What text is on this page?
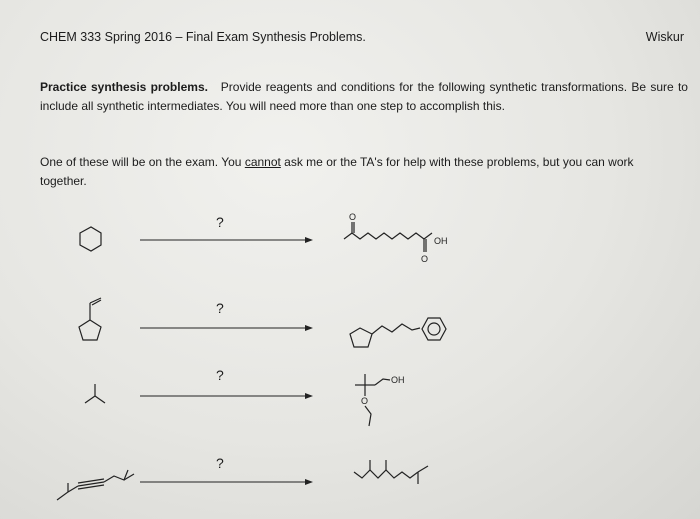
CHEM 333 Spring 2016 – Final Exam Synthesis Problems.	Wiskur
Practice synthesis problems. Provide reagents and conditions for the following synthetic transformations. Be sure to include all synthetic intermediates. You will need more than one step to accomplish this.
One of these will be on the exam. You cannot ask me or the TA's for help with these problems, but you can work together.
?
?
?
?
O
O
OH
OH
O
